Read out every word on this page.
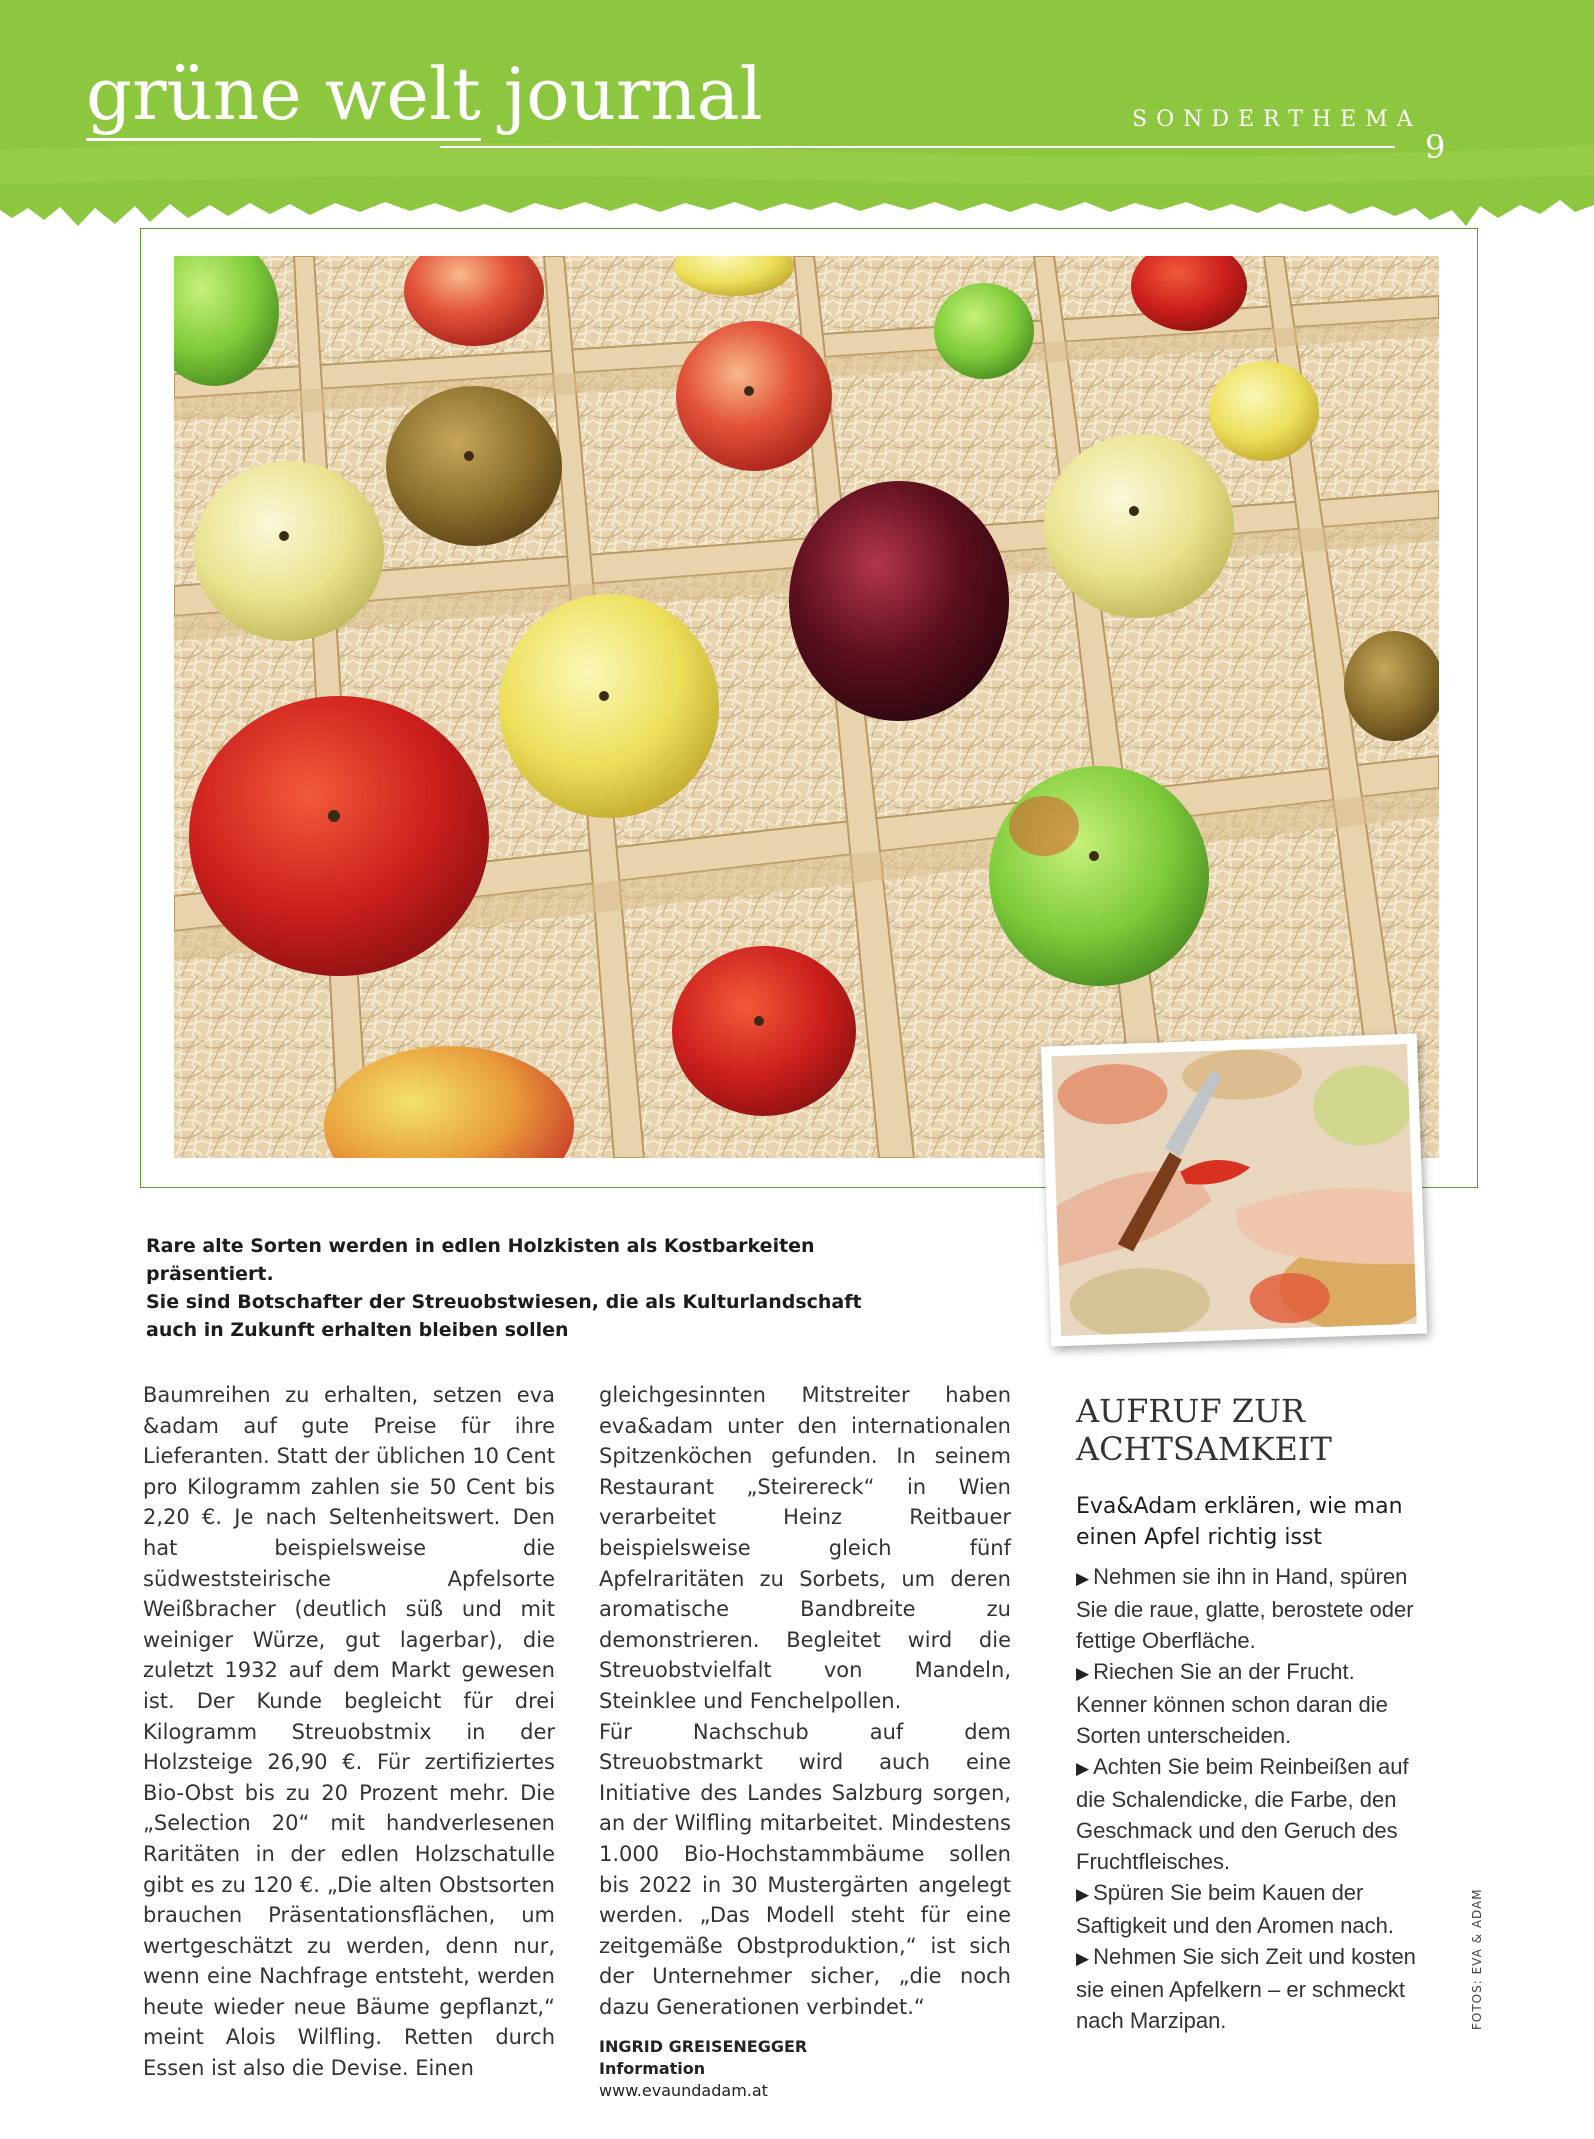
grüne welt journal	SONDERTHEMA
9

Rare alte Sorten werden in edlen Holzkisten als Kostbarkeiten präsentiert.

Sie sind Botschafter der Streuobstwiesen, die als Kulturlandschaft auch in Zukunft erhalten bleiben sollen

Baumreihen zu erhalten, setzen eva &adam auf gute Preise für ihre Lieferanten. Statt der üblichen 10 Cent pro Kilogramm zahlen sie 50 Cent bis 2,20 €. Je nach Seltenheitswert. Den hat beispielsweise die südweststeirische Apfelsorte Weißbracher (deutlich süß und mit weiniger Würze, gut lagerbar), die zuletzt 1932 auf dem Markt gewesen ist. Der Kunde begleicht für drei Kilogramm Streuobstmix in der Holzsteige 26,90 €. Für zertifiziertes Bio-Obst bis zu 20 Prozent mehr. Die „Selection 20“ mit handverlesenen Raritäten in der edlen Holzschatulle gibt es zu 120 €. „Die alten Obstsorten brauchen Präsentationsflächen, um wertgeschätzt zu werden, denn nur, wenn eine Nachfrage entsteht, werden heute wieder neue Bäume gepflanzt,“ meint Alois Wilfling. Retten durch Essen ist also die Devise. Einen

gleichgesinnten Mitstreiter haben eva&adam unter den internationalen Spitzenköchen gefunden. In seinem Restaurant „Steirereck“ in Wien verarbeitet Heinz Reitbauer beispielsweise gleich fünf Apfelraritäten zu Sorbets, um deren aromatische Bandbreite zu demonstrieren. Begleitet wird die Streuobstvielfalt von Mandeln, Steinklee und Fenchelpollen.

Für Nachschub auf dem Streuobstmarkt wird auch eine Initiative des Landes Salzburg sorgen, an der Wilfling mitarbeitet. Mindestens 1.000 Bio-Hochstammbäume sollen bis 2022 in 30 Mustergärten angelegt werden. „Das Modell steht für eine zeitgemäße Obstproduktion,“ ist sich der Unternehmer sicher, „die noch dazu Generationen verbindet.“

INGRID GREISENEGGER
Information
www.evaundadam.at
AUFRUF ZUR ACHTSAMKEIT
Eva&Adam erklären, wie man einen Apfel richtig isst

▶ Nehmen sie ihn in Hand, spüren Sie die raue, glatte, berostete oder fettige Oberfläche.

▶ Riechen Sie an der Frucht. Kenner können schon daran die Sorten unterscheiden.

▶ Achten Sie beim Reinbeißen auf die Schalendicke, die Farbe, den Geschmack und den Geruch des Fruchtfleisches.

▶ Spüren Sie beim Kauen der Saftigkeit und den Aromen nach.

▶ Nehmen Sie sich Zeit und kosten sie einen Apfelkern – er schmeckt nach Marzipan.	FOTOS: EVA & ADAM
